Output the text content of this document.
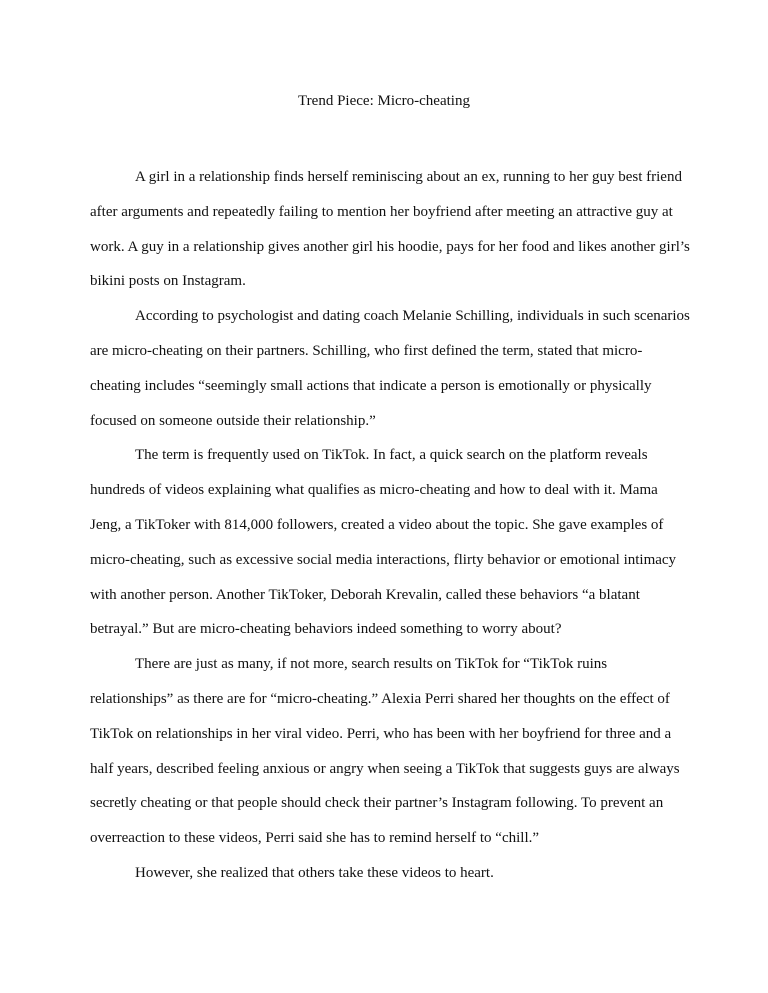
Trend Piece: Micro-cheating

A girl in a relationship finds herself reminiscing about an ex, running to her guy best friend after arguments and repeatedly failing to mention her boyfriend after meeting an attractive guy at work. A guy in a relationship gives another girl his hoodie, pays for her food and likes another girl’s bikini posts on Instagram.

According to psychologist and dating coach Melanie Schilling, individuals in such scenarios are micro-cheating on their partners. Schilling, who first defined the term, stated that micro-cheating includes “seemingly small actions that indicate a person is emotionally or physically focused on someone outside their relationship.”

The term is frequently used on TikTok. In fact, a quick search on the platform reveals hundreds of videos explaining what qualifies as micro-cheating and how to deal with it. Mama Jeng, a TikToker with 814,000 followers, created a video about the topic. She gave examples of micro-cheating, such as excessive social media interactions, flirty behavior or emotional intimacy with another person. Another TikToker, Deborah Krevalin, called these behaviors “a blatant betrayal.” But are micro-cheating behaviors indeed something to worry about?

There are just as many, if not more, search results on TikTok for “TikTok ruins relationships” as there are for “micro-cheating.” Alexia Perri shared her thoughts on the effect of TikTok on relationships in her viral video. Perri, who has been with her boyfriend for three and a half years, described feeling anxious or angry when seeing a TikTok that suggests guys are always secretly cheating or that people should check their partner’s Instagram following. To prevent an overreaction to these videos, Perri said she has to remind herself to “chill.”

However, she realized that others take these videos to heart.
